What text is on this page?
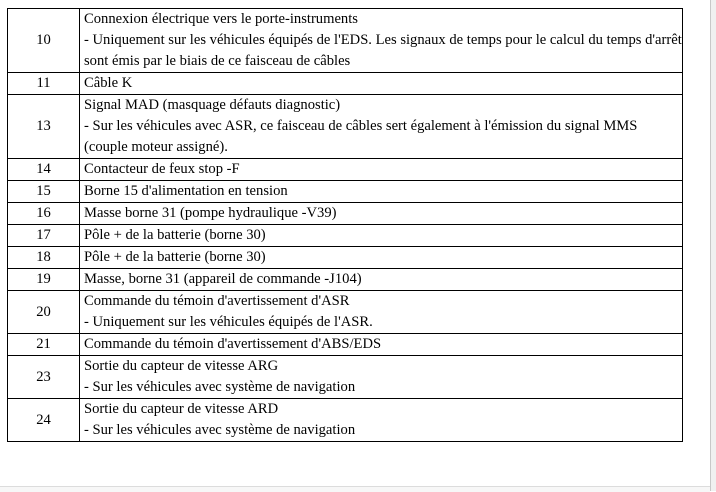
10	Connexion électrique vers le porte-instruments
- Uniquement sur les véhicules équipés de l'EDS. Les signaux de temps pour le calcul du temps d'arrêt sont émis par le biais de ce faisceau de câbles

11	Câble K

13	Signal MAD (masquage défauts diagnostic)
- Sur les véhicules avec ASR, ce faisceau de câbles sert également à l'émission du signal MMS (couple moteur assigné).

14	Contacteur de feux stop -F

15	Borne 15 d'alimentation en tension

16	Masse borne 31 (pompe hydraulique -V39)

17	Pôle + de la batterie (borne 30)

18	Pôle + de la batterie (borne 30)

19	Masse, borne 31 (appareil de commande -J104)

20	Commande du témoin d'avertissement d'ASR
- Uniquement sur les véhicules équipés de l'ASR.

21	Commande du témoin d'avertissement d'ABS/EDS

23	Sortie du capteur de vitesse ARG
- Sur les véhicules avec système de navigation

24	Sortie du capteur de vitesse ARD
- Sur les véhicules avec système de navigation
